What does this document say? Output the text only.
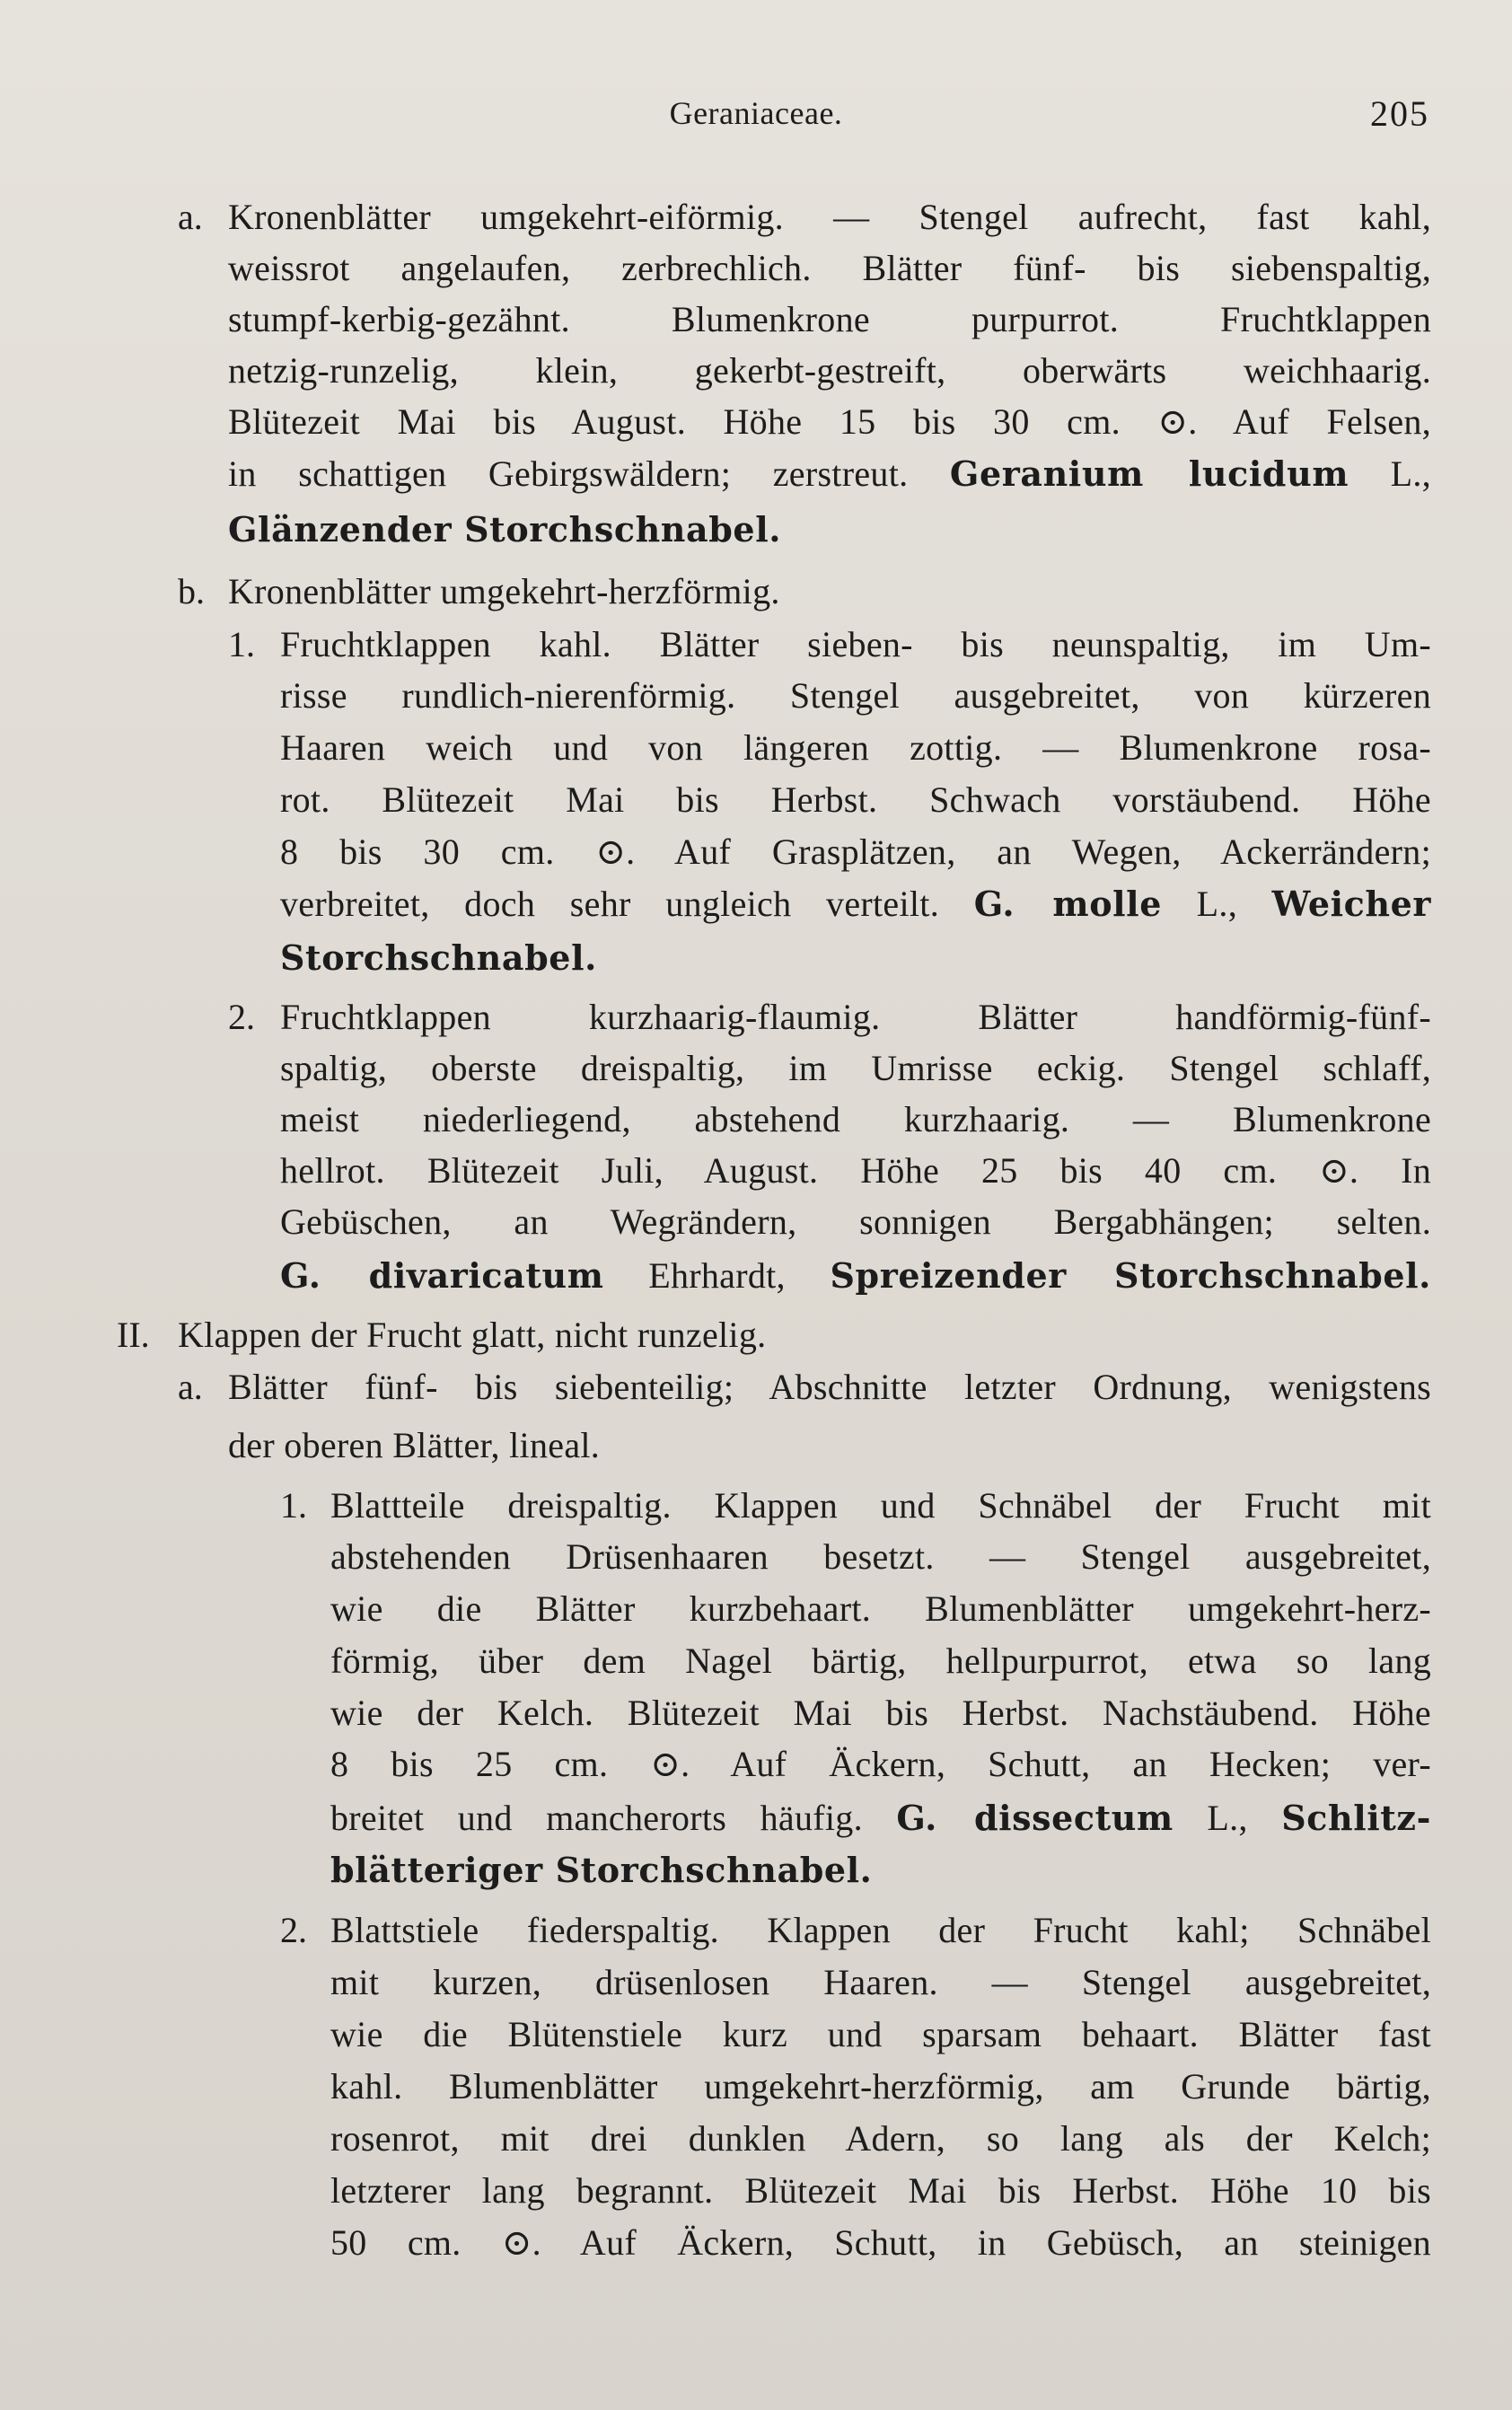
Geraniaceae.	205
a. Kronenblätter umgekehrt-eiförmig. — Stengel aufrecht, fast kahl,
weissrot angelaufen, zerbrechlich. Blätter fünf- bis siebenspaltig,
stumpf-kerbig-gezähnt. Blumenkrone purpurrot. Fruchtklappen
netzig-runzelig, klein, gekerbt-gestreift, oberwärts weichhaarig.
Blütezeit Mai bis August. Höhe 15 bis 30 cm. ⊙. Auf Felsen,
in schattigen Gebirgswäldern; zerstreut. Geranium lucidum L.,
Glänzender Storchschnabel.
b. Kronenblätter umgekehrt-herzförmig.
1. Fruchtklappen kahl. Blätter sieben- bis neunspaltig, im Um-
risse rundlich-nierenförmig. Stengel ausgebreitet, von kürzeren
Haaren weich und von längeren zottig. — Blumenkrone rosa-
rot. Blütezeit Mai bis Herbst. Schwach vorstäubend. Höhe
8 bis 30 cm. ⊙. Auf Grasplätzen, an Wegen, Ackerrändern;
verbreitet, doch sehr ungleich verteilt. G. molle L., Weicher
Storchschnabel.
2. Fruchtklappen kurzhaarig-flaumig. Blätter handförmig-fünf-
spaltig, oberste dreispaltig, im Umrisse eckig. Stengel schlaff,
meist niederliegend, abstehend kurzhaarig. — Blumenkrone
hellrot. Blütezeit Juli, August. Höhe 25 bis 40 cm. ⊙. In
Gebüschen, an Wegrändern, sonnigen Bergabhängen; selten.
G. divaricatum Ehrhardt, Spreizender Storchschnabel.
II. Klappen der Frucht glatt, nicht runzelig.
a. Blätter fünf- bis siebenteilig; Abschnitte letzter Ordnung, wenigstens
der oberen Blätter, lineal.
1. Blattteile dreispaltig. Klappen und Schnäbel der Frucht mit
abstehenden Drüsenhaaren besetzt. — Stengel ausgebreitet,
wie die Blätter kurzbehaart. Blumenblätter umgekehrt-herz-
förmig, über dem Nagel bärtig, hellpurpurrot, etwa so lang
wie der Kelch. Blütezeit Mai bis Herbst. Nachstäubend. Höhe
8 bis 25 cm. ⊙. Auf Äckern, Schutt, an Hecken; ver-
breitet und mancherorts häufig. G. dissectum L., Schlitz-
blätteriger Storchschnabel.
2. Blattstiele fiederspaltig. Klappen der Frucht kahl; Schnäbel
mit kurzen, drüsenlosen Haaren. — Stengel ausgebreitet,
wie die Blütenstiele kurz und sparsam behaart. Blätter fast
kahl. Blumenblätter umgekehrt-herzförmig, am Grunde bärtig,
rosenrot, mit drei dunklen Adern, so lang als der Kelch;
letzterer lang begrannt. Blütezeit Mai bis Herbst. Höhe 10 bis
50 cm. ⊙. Auf Äckern, Schutt, in Gebüsch, an steinigen
